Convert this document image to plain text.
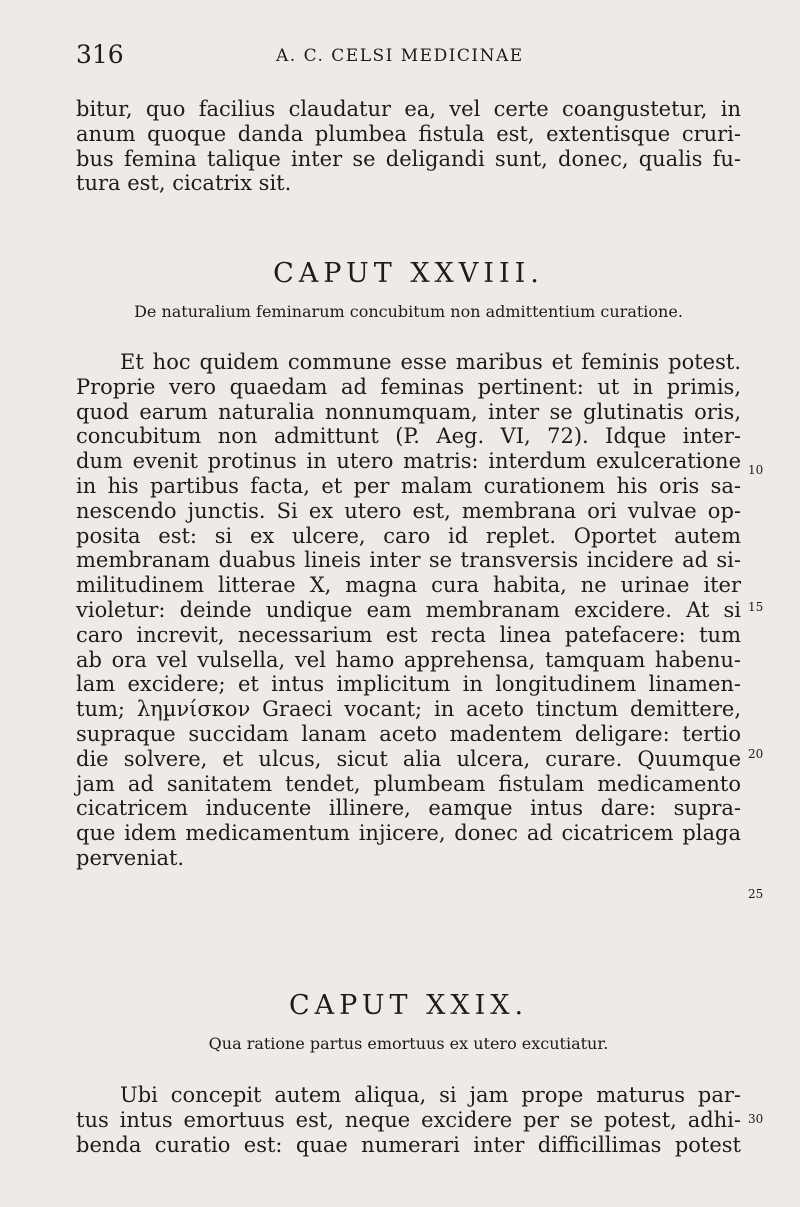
316	A. C. CELSI MEDICINAE
bitur, quo facilius claudatur ea, vel certe coangustetur, in
anum quoque danda plumbea fistula est, extentisque cruri-
bus femina talique inter se deligandi sunt, donec, qualis fu-
tura est, cicatrix sit.
CAPUT XXVIII.
De naturalium feminarum concubitum non admittentium curatione.
Et hoc quidem commune esse maribus et feminis potest.
Proprie vero quaedam ad feminas pertinent: ut in primis,
quod earum naturalia nonnumquam, inter se glutinatis oris,
concubitum non admittunt (P. Aeg. VI, 72). Idque inter-
dum evenit protinus in utero matris: interdum exulceratione
in his partibus facta, et per malam curationem his oris sa-
nescendo junctis. Si ex utero est, membrana ori vulvae op-
posita est: si ex ulcere, caro id replet. Oportet autem
membranam duabus lineis inter se transversis incidere ad si-
militudinem litterae X, magna cura habita, ne urinae iter
violetur: deinde undique eam membranam excidere. At si
caro increvit, necessarium est recta linea patefacere: tum
ab ora vel vulsella, vel hamo apprehensa, tamquam habenu-
lam excidere; et intus implicitum in longitudinem linamen-
tum; ληµνίσκον Graeci vocant; in aceto tinctum demittere,
supraque succidam lanam aceto madentem deligare: tertio
die solvere, et ulcus, sicut alia ulcera, curare. Quumque
jam ad sanitatem tendet, plumbeam fistulam medicamento
cicatricem inducente illinere, eamque intus dare: supra-
que idem medicamentum injicere, donec ad cicatricem plaga
perveniat.
CAPUT XXIX.
Qua ratione partus emortuus ex utero excutiatur.
Ubi concepit autem aliqua, si jam prope maturus par-
tus intus emortuus est, neque excidere per se potest, adhi-
benda curatio est: quae numerari inter difficillimas potest
10
15
20
25
30
